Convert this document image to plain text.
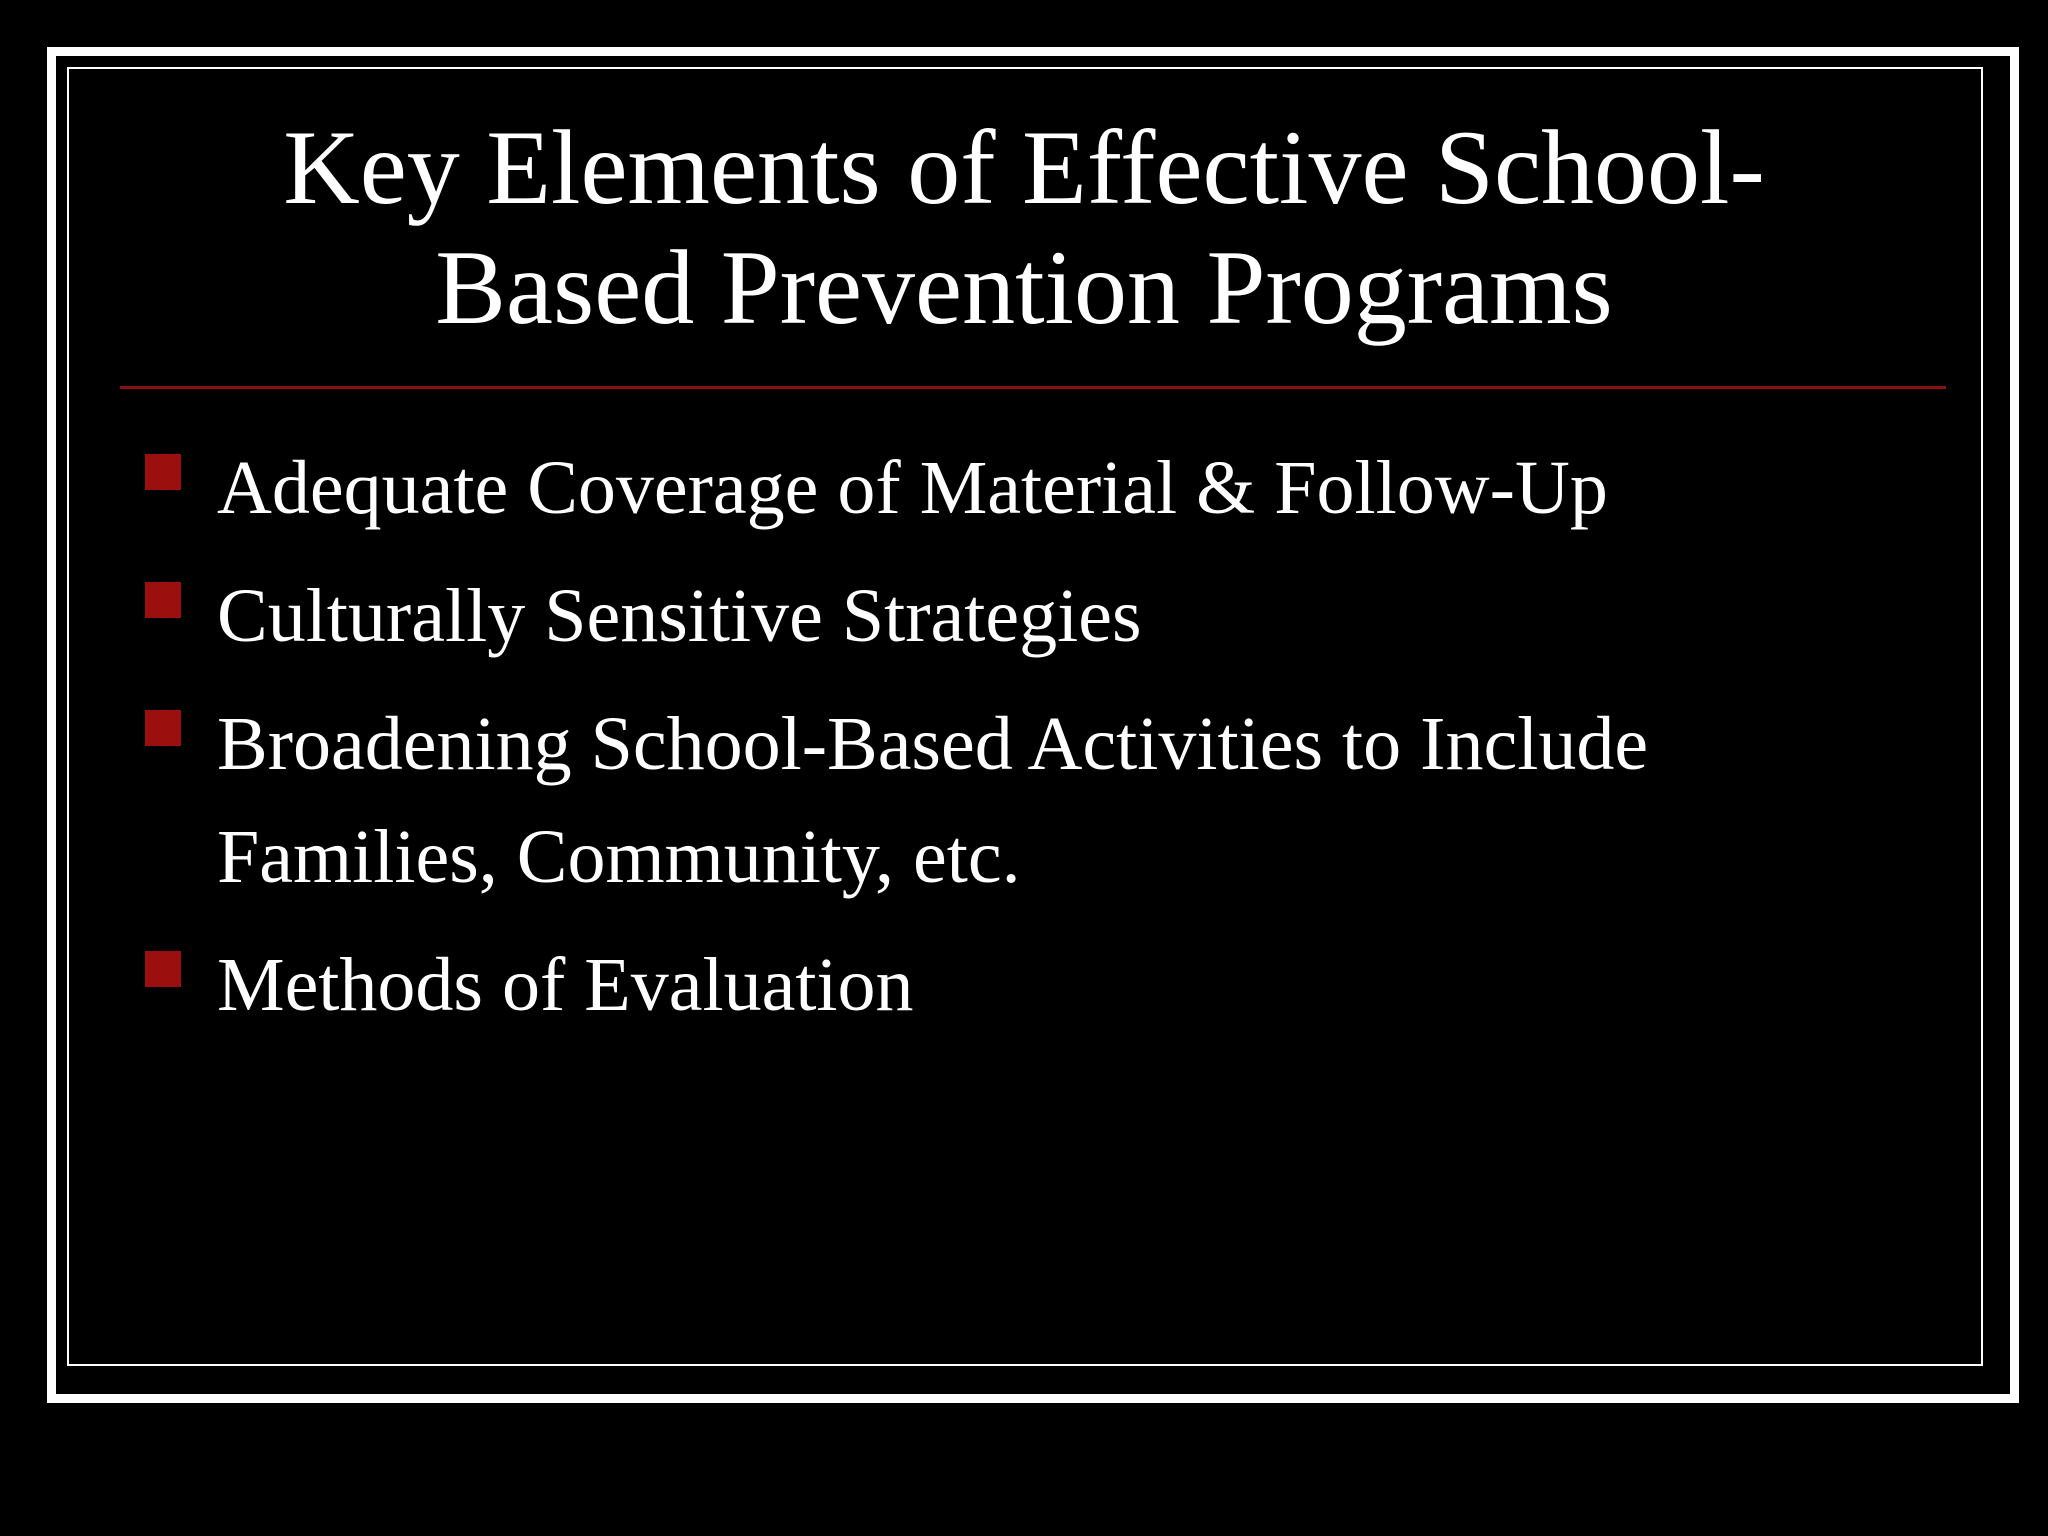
Key Elements of Effective School-
Based Prevention Programs
Adequate Coverage of Material & Follow-Up
Culturally Sensitive Strategies
Broadening School-Based Activities to Include Families, Community, etc.
Methods of Evaluation
